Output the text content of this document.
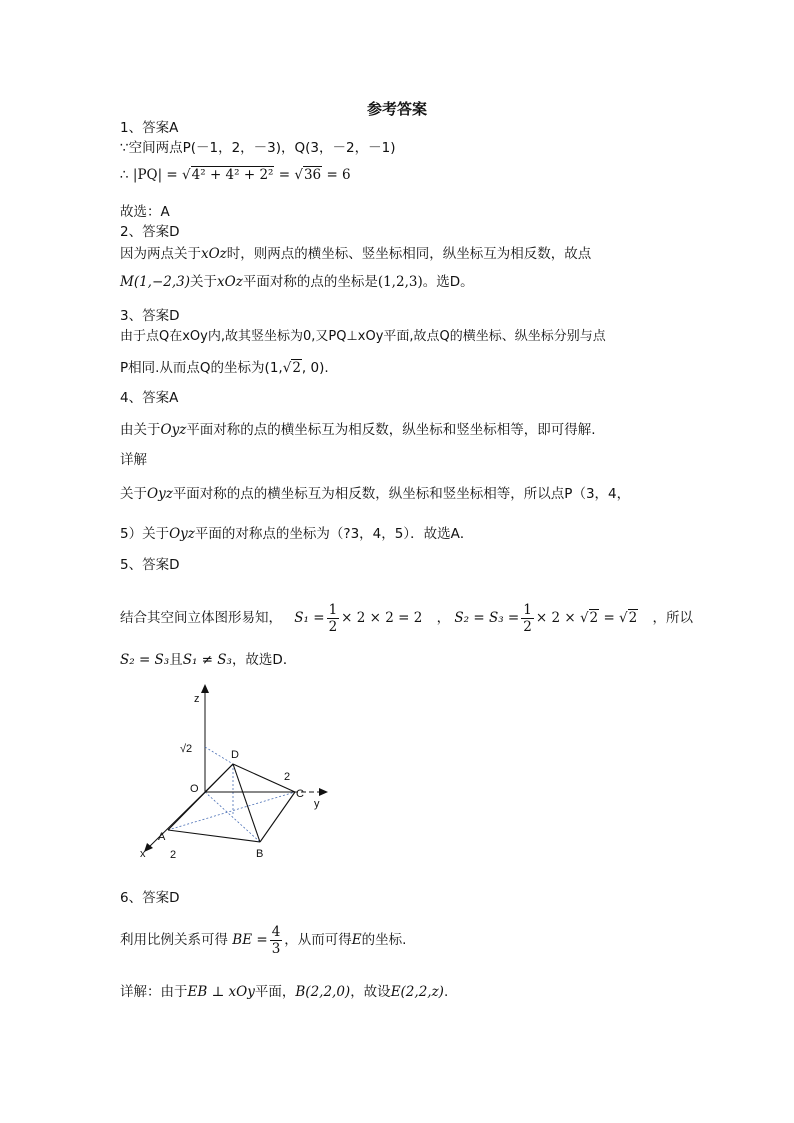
参考答案
1、答案A
∵空间两点P(－1，2，－3)，Q(3，－2，－1)
∴ |PQ| = √4² + 4² + 2² = √36 = 6
故选：A
2、答案D
因为两点关于xOz时，则两点的横坐标、竖坐标相同，纵坐标互为相反数，故点
M(1,−2,3)关于xOz平面对称的点的坐标是(1,2,3)。选D。
3、答案D
由于点Q在xOy内,故其竖坐标为0,又PQ⊥xOy平面,故点Q的横坐标、纵坐标分别与点
P相同.从而点Q的坐标为(1,√2, 0).
4、答案A
由关于Oyz平面对称的点的横坐标互为相反数，纵坐标和竖坐标相等，即可得解.
详解
关于Oyz平面对称的点的横坐标互为相反数，纵坐标和竖坐标相等，所以点P（3，4，
5）关于Oyz平面的对称点的坐标为（?3，4，5）．故选A．
5、答案D
结合其空间立体图形易知， $S_1 = \frac{1}{2} \times 2 \times 2 = 2$ ， $S_2 = S_3 = \frac{1}{2} \times 2 \times √2 = √2$ ，所以
S₂ = S₃且S₁ ≠ S₃，故选D．
z
√2	D
2
O	C
y
A
2	B
x
6、答案D
利用比例关系可得 BE = $\frac{4}{3}$ ，从而可得E的坐标.
详解：由于EB ⊥ xOy平面，B(2,2,0)，故设E(2,2,z).
